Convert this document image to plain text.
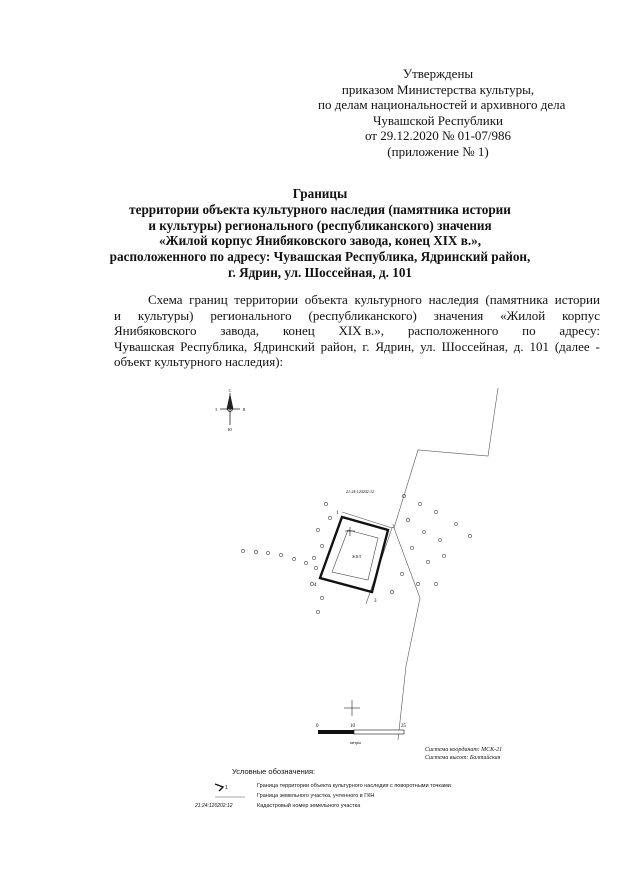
Утверждены
приказом Министерства культуры,
по делам национальностей и архивного дела
Чувашской Республики
от 29.12.2020 № 01-07/986
(приложение № 1)
Границы
территории объекта культурного наследия (памятника истории
и культуры) регионального (республиканского) значения
«Жилой корпус Янибяковского завода, конец XIX в.»,
расположенного по адресу: Чувашская Республика, Ядринский район,
г. Ядрин, ул. Шоссейная, д. 101
Схема границ территории объекта культурного наследия (памятника истории
и культуры) регионального (республиканского) значения «Жилой корпус
Янибяковского завода, конец XIX в.», расположенного по адресу:
Чувашская Республика, Ядринский район, г. Ядрин, ул. Шоссейная, д. 101 (далее -
объект культурного наследия):
С
Ю
З	В
ЖИЛ
1
2
3
4
21:24:120202:12
0	10	25
метры
Система координат: МСК-21
Система высот: Балтийская
Условные обозначения:
1	Граница территории объекта культурного наследия с поворотными точками
Граница земельного участка, учтенного в ГКН
21:24:120202:12	Кадастровый номер земельного участка
